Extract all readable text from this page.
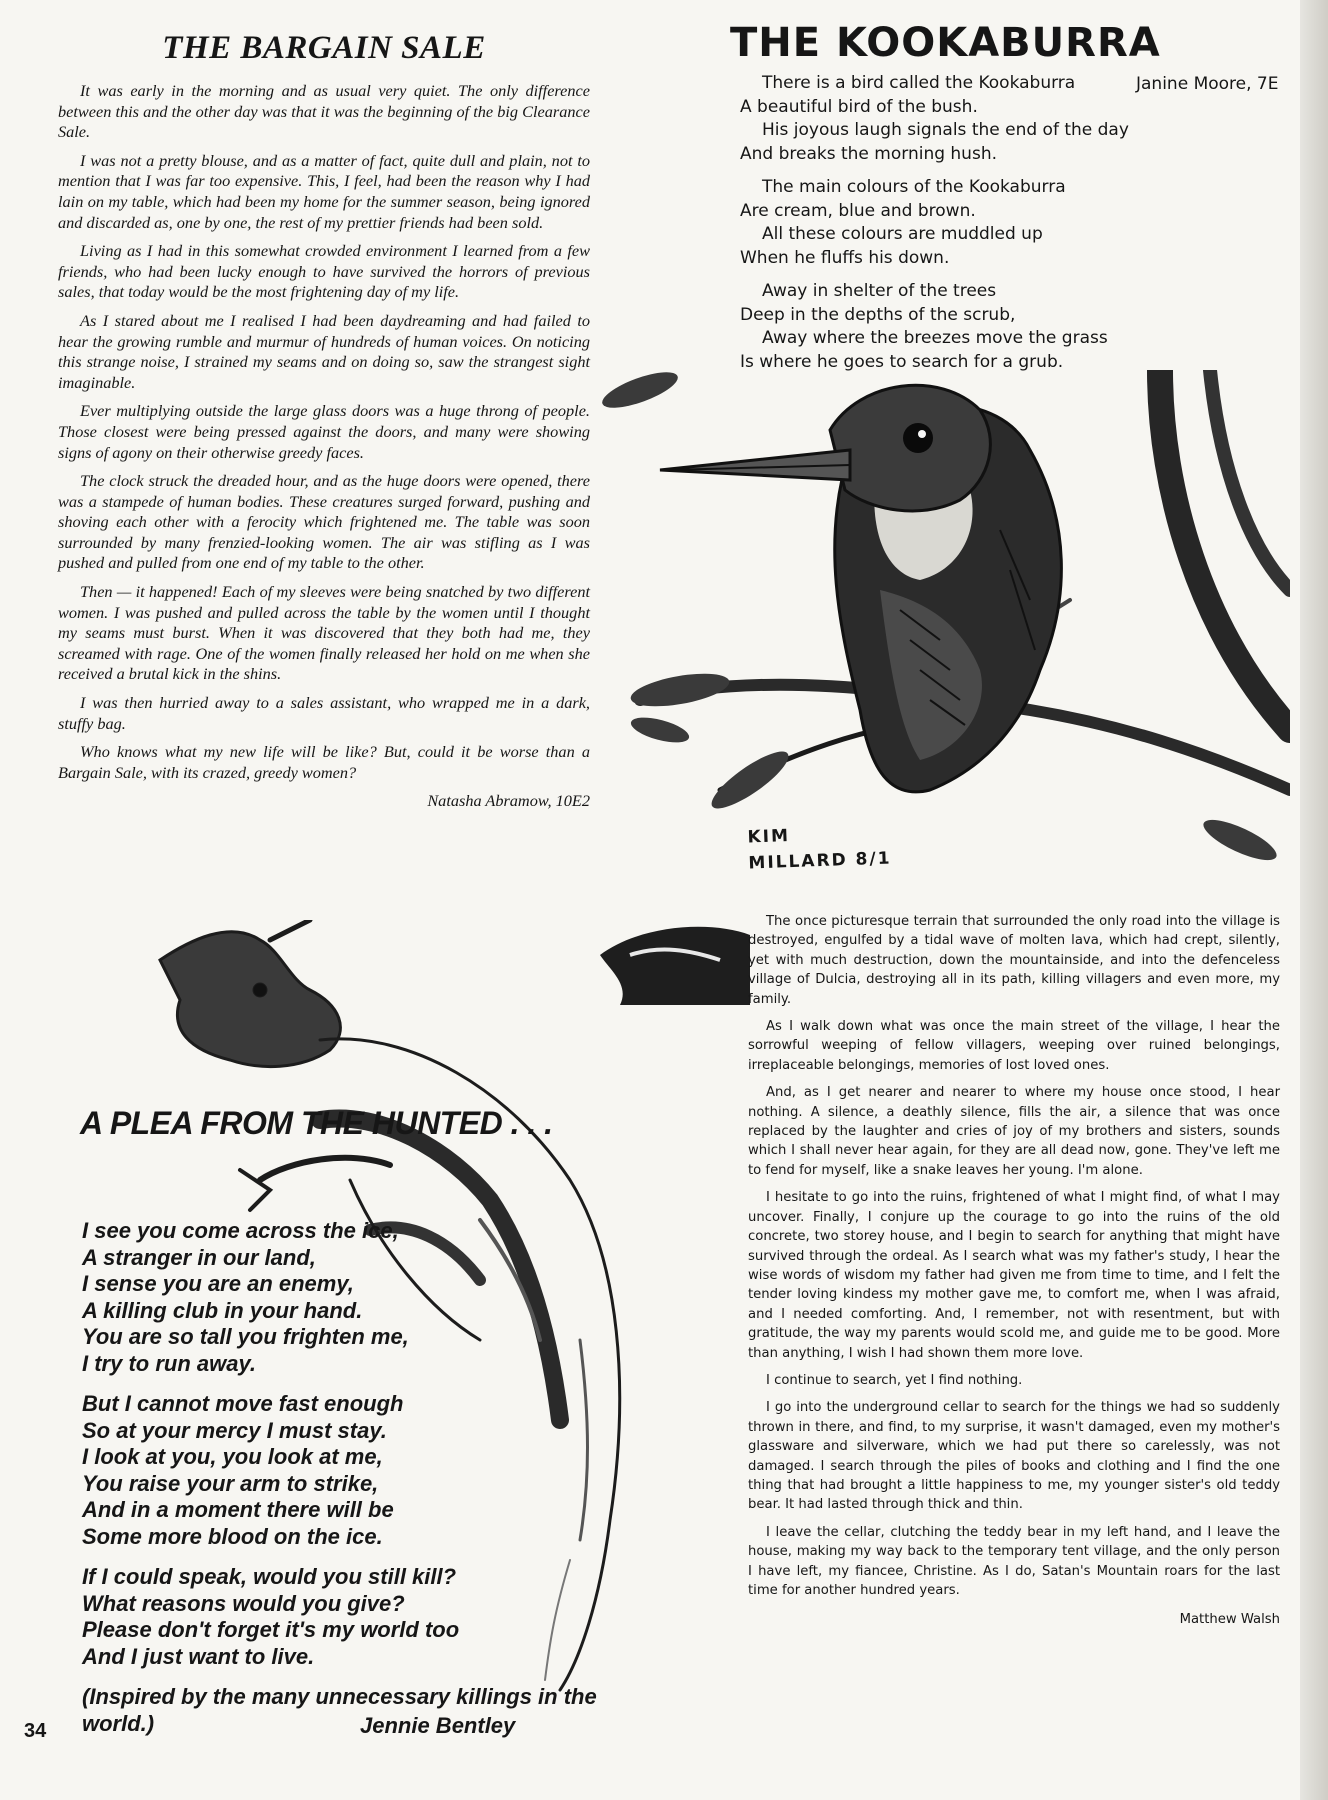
THE BARGAIN SALE

It was early in the morning and as usual very quiet. The only difference between this and the other day was that it was the beginning of the big Clearance Sale.

I was not a pretty blouse, and as a matter of fact, quite dull and plain, not to mention that I was far too expensive. This, I feel, had been the reason why I had lain on my table, which had been my home for the summer season, being ignored and discarded as, one by one, the rest of my prettier friends had been sold.

Living as I had in this somewhat crowded environment I learned from a few friends, who had been lucky enough to have survived the horrors of previous sales, that today would be the most frightening day of my life.

As I stared about me I realised I had been daydreaming and had failed to hear the growing rumble and murmur of hundreds of human voices. On noticing this strange noise, I strained my seams and on doing so, saw the strangest sight imaginable.

Ever multiplying outside the large glass doors was a huge throng of people. Those closest were being pressed against the doors, and many were showing signs of agony on their otherwise greedy faces.

The clock struck the dreaded hour, and as the huge doors were opened, there was a stampede of human bodies. These creatures surged forward, pushing and shoving each other with a ferocity which frightened me. The table was soon surrounded by many frenzied-looking women. The air was stifling as I was pushed and pulled from one end of my table to the other.

Then — it happened! Each of my sleeves were being snatched by two different women. I was pushed and pulled across the table by the women until I thought my seams must burst. When it was discovered that they both had me, they screamed with rage. One of the women finally released her hold on me when she received a brutal kick in the shins.

I was then hurried away to a sales assistant, who wrapped me in a dark, stuffy bag.

Who knows what my new life will be like? But, could it be worse than a Bargain Sale, with its crazed, greedy women?

Natasha Abramow, 10E2

THE KOOKABURRA
Janine Moore, 7E
There is a bird called the Kookaburra
A beautiful bird of the bush.
His joyous laugh signals the end of the day
And breaks the morning hush.
The main colours of the Kookaburra
Are cream, blue and brown.
All these colours are muddled up
When he fluffs his down.
Away in shelter of the trees
Deep in the depths of the scrub,
Away where the breezes move the grass
Is where he goes to search for a grub.
KIM
MILLARD 8/1

The once picturesque terrain that surrounded the only road into the village is destroyed, engulfed by a tidal wave of molten lava, which had crept, silently, yet with much destruction, down the mountainside, and into the defenceless village of Dulcia, destroying all in its path, killing villagers and even more, my family.

As I walk down what was once the main street of the village, I hear the sorrowful weeping of fellow villagers, weeping over ruined belongings, irreplaceable belongings, memories of lost loved ones.

And, as I get nearer and nearer to where my house once stood, I hear nothing. A silence, a deathly silence, fills the air, a silence that was once replaced by the laughter and cries of joy of my brothers and sisters, sounds which I shall never hear again, for they are all dead now, gone. They've left me to fend for myself, like a snake leaves her young. I'm alone.

I hesitate to go into the ruins, frightened of what I might find, of what I may uncover. Finally, I conjure up the courage to go into the ruins of the old concrete, two storey house, and I begin to search for anything that might have survived through the ordeal. As I search what was my father's study, I hear the wise words of wisdom my father had given me from time to time, and I felt the tender loving kindess my mother gave me, to comfort me, when I was afraid, and I needed comforting. And, I remember, not with resentment, but with gratitude, the way my parents would scold me, and guide me to be good. More than anything, I wish I had shown them more love.

I continue to search, yet I find nothing.

I go into the underground cellar to search for the things we had so suddenly thrown in there, and find, to my surprise, it wasn't damaged, even my mother's glassware and silverware, which we had put there so carelessly, was not damaged. I search through the piles of books and clothing and I find the one thing that had brought a little happiness to me, my younger sister's old teddy bear. It had lasted through thick and thin.

I leave the cellar, clutching the teddy bear in my left hand, and I leave the house, making my way back to the temporary tent village, and the only person I have left, my fiancee, Christine. As I do, Satan's Mountain roars for the last time for another hundred years.

Matthew Walsh

A PLEA FROM THE HUNTED . . .
I see you come across the ice,
A stranger in our land,
I sense you are an enemy,
A killing club in your hand.
You are so tall you frighten me,
I try to run away.
But I cannot move fast enough
So at your mercy I must stay.
I look at you, you look at me,
You raise your arm to strike,
And in a moment there will be
Some more blood on the ice.
If I could speak, would you still kill?
What reasons would you give?
Please don't forget it's my world too
And I just want to live.

(Inspired by the many unnecessary killings in the world.)	Jennie Bentley
34
